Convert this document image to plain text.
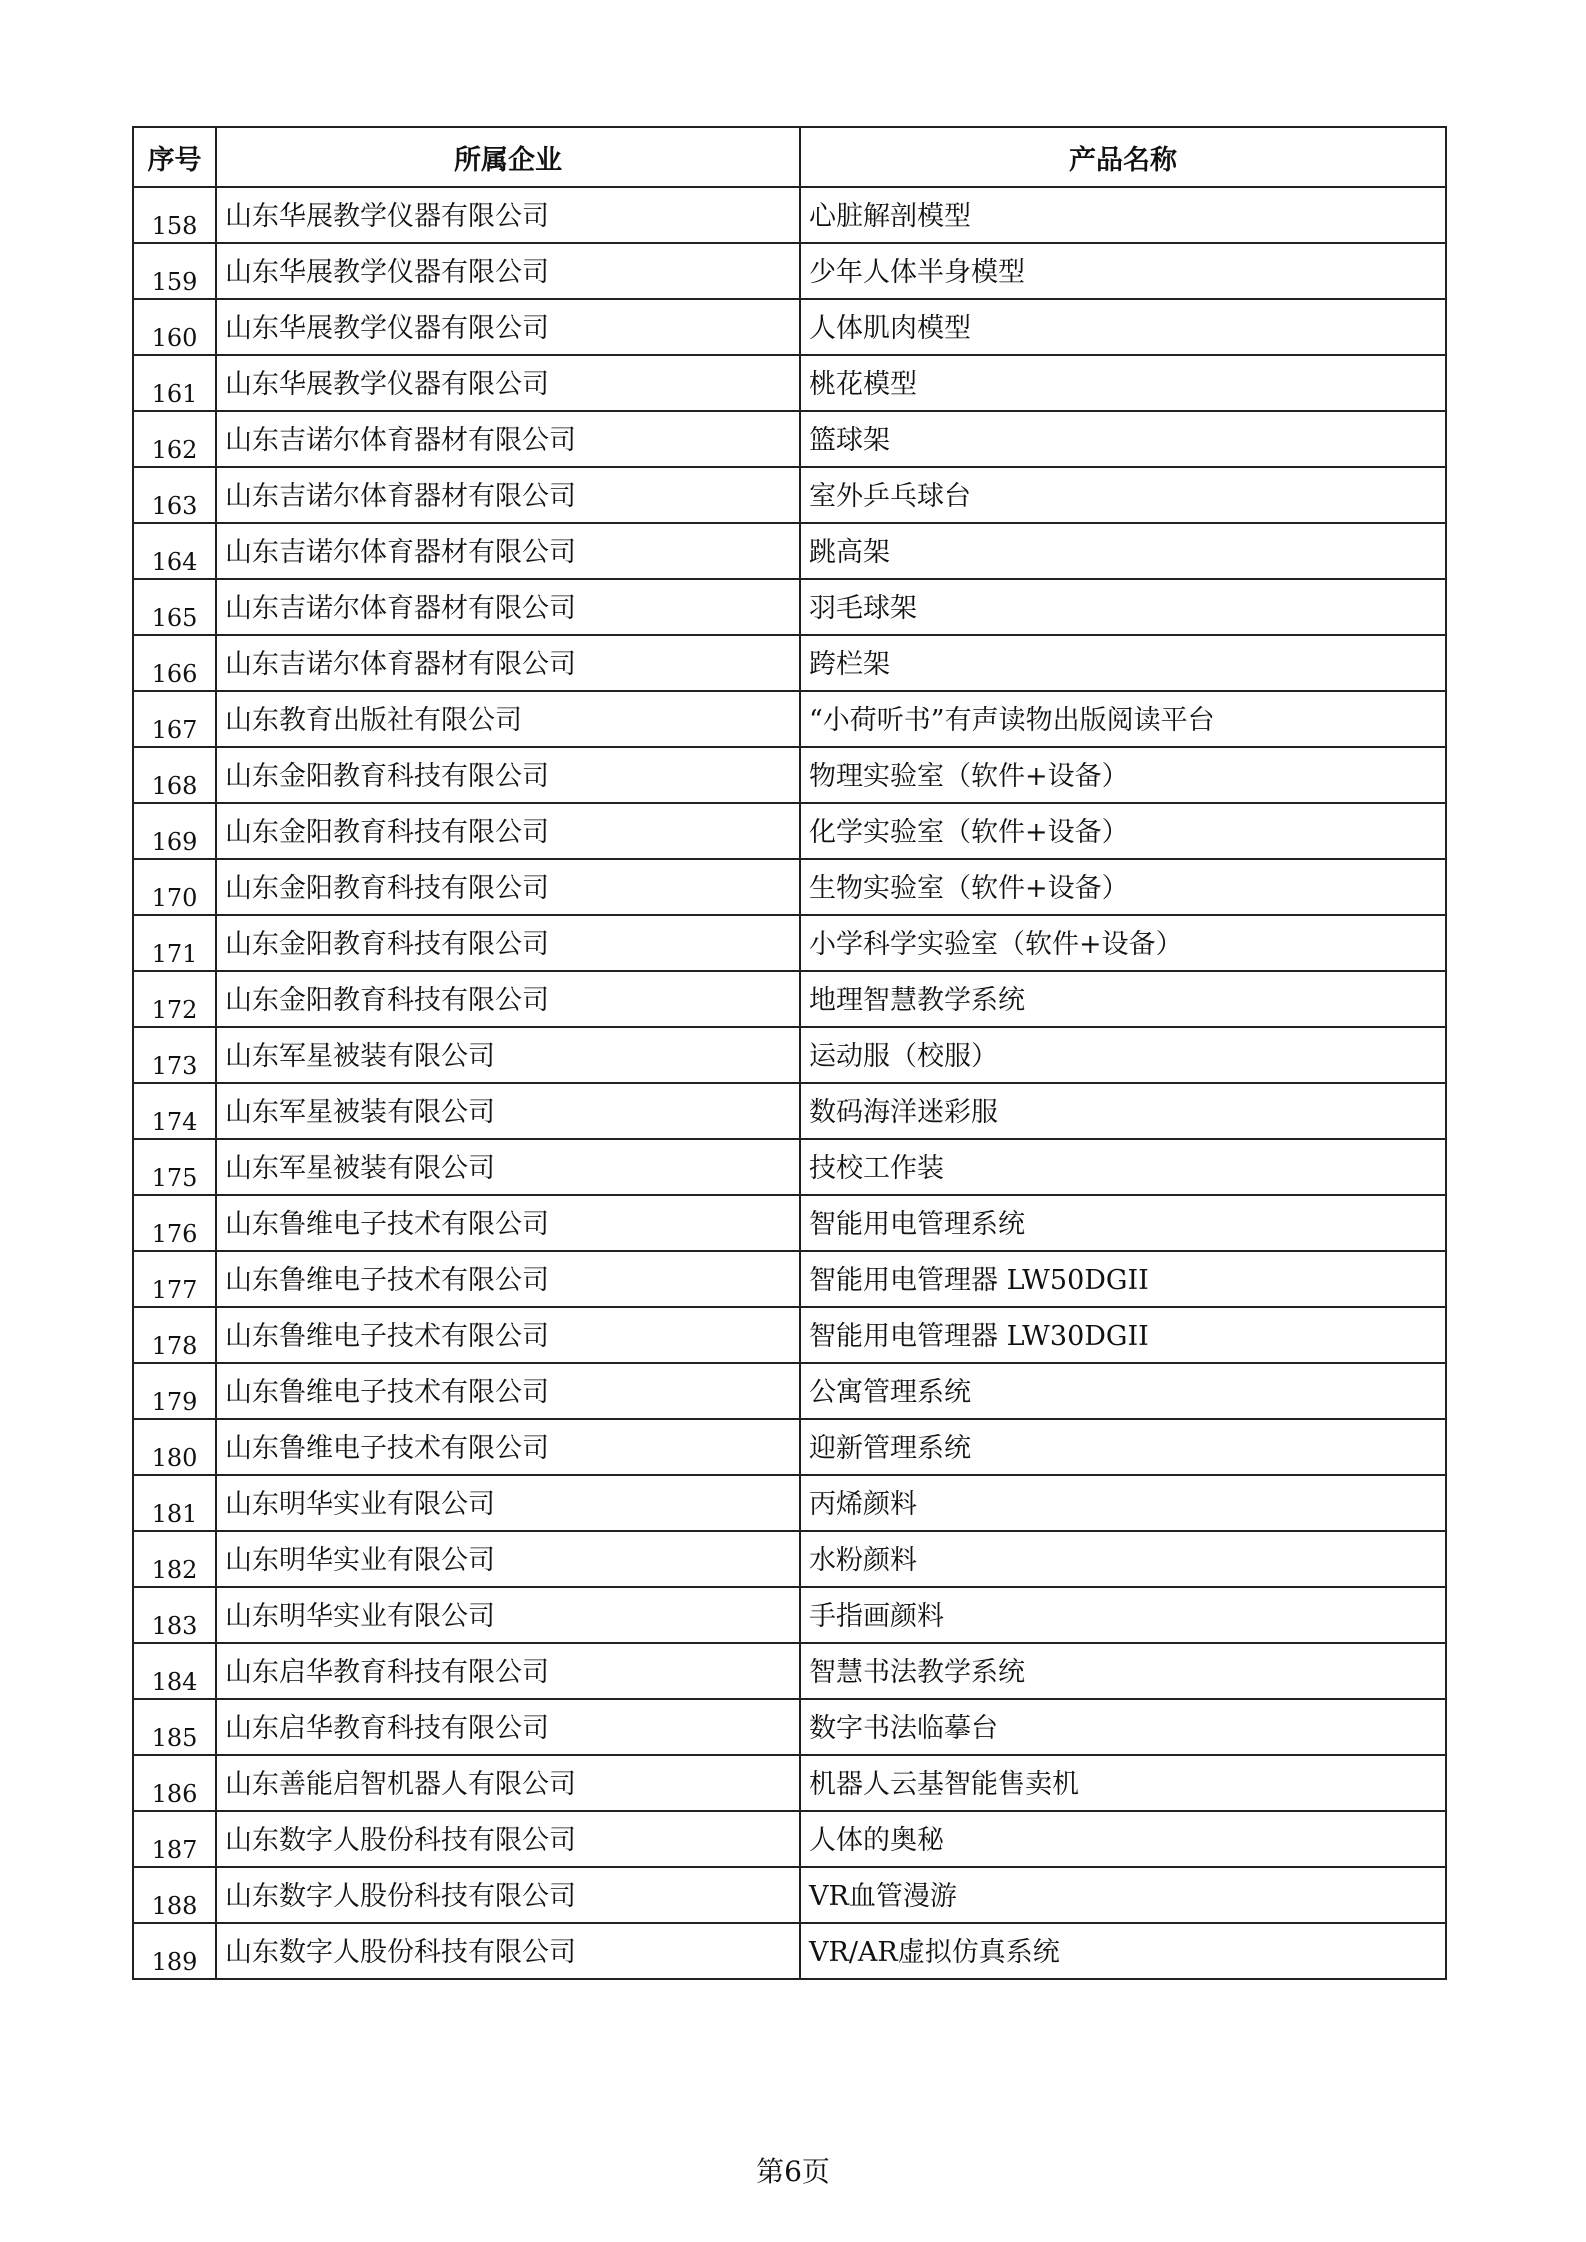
序号	所属企业	产品名称
158	山东华展教学仪器有限公司	心脏解剖模型
159	山东华展教学仪器有限公司	少年人体半身模型
160	山东华展教学仪器有限公司	人体肌肉模型
161	山东华展教学仪器有限公司	桃花模型
162	山东吉诺尔体育器材有限公司	篮球架
163	山东吉诺尔体育器材有限公司	室外乒乓球台
164	山东吉诺尔体育器材有限公司	跳高架
165	山东吉诺尔体育器材有限公司	羽毛球架
166	山东吉诺尔体育器材有限公司	跨栏架
167	山东教育出版社有限公司	“小荷听书”有声读物出版阅读平台
168	山东金阳教育科技有限公司	物理实验室（软件+设备）
169	山东金阳教育科技有限公司	化学实验室（软件+设备）
170	山东金阳教育科技有限公司	生物实验室（软件+设备）
171	山东金阳教育科技有限公司	小学科学实验室（软件+设备）
172	山东金阳教育科技有限公司	地理智慧教学系统
173	山东军星被装有限公司	运动服（校服）
174	山东军星被装有限公司	数码海洋迷彩服
175	山东军星被装有限公司	技校工作装
176	山东鲁维电子技术有限公司	智能用电管理系统
177	山东鲁维电子技术有限公司	智能用电管理器 LW50DGII
178	山东鲁维电子技术有限公司	智能用电管理器 LW30DGII
179	山东鲁维电子技术有限公司	公寓管理系统
180	山东鲁维电子技术有限公司	迎新管理系统
181	山东明华实业有限公司	丙烯颜料
182	山东明华实业有限公司	水粉颜料
183	山东明华实业有限公司	手指画颜料
184	山东启华教育科技有限公司	智慧书法教学系统
185	山东启华教育科技有限公司	数字书法临摹台
186	山东善能启智机器人有限公司	机器人云基智能售卖机
187	山东数字人股份科技有限公司	人体的奥秘
188	山东数字人股份科技有限公司	VR血管漫游
189	山东数字人股份科技有限公司	VR/AR虚拟仿真系统
第6页
